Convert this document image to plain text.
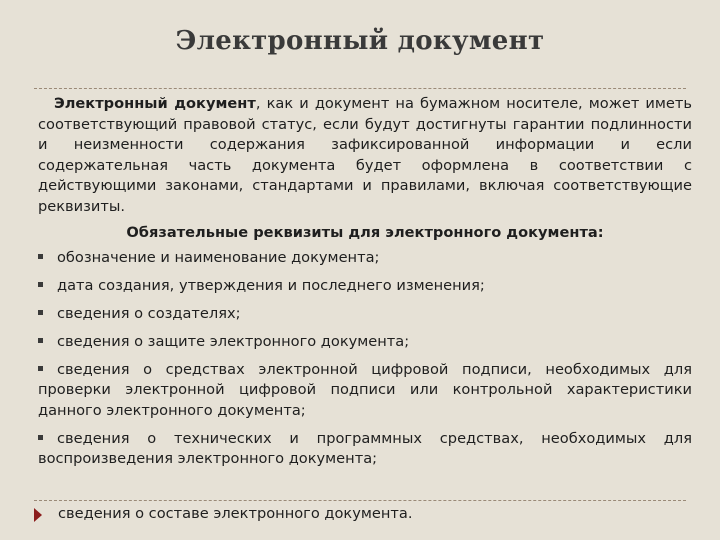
Электронный документ

Электронный документ, как и документ на бумажном носителе, может иметь соответствующий правовой статус, если будут достигнуты гарантии подлинности и неизменности содержания зафиксированной информации и если содержательная часть документа будет оформлена в соответствии с действующими законами, стандартами и правилами, включая соответствующие реквизиты.

Обязательные реквизиты для электронного документа:
обозначение и наименование документа;
дата создания, утверждения и последнего изменения;
сведения о создателях;
сведения о защите электронного документа;
сведения о средствах электронной цифровой подписи, необходимых для проверки электронной цифровой подписи или контрольной характеристики данного электронного документа;
сведения о технических и программных средствах, необходимых для воспроизведения электронного документа;
сведения о составе электронного документа.
